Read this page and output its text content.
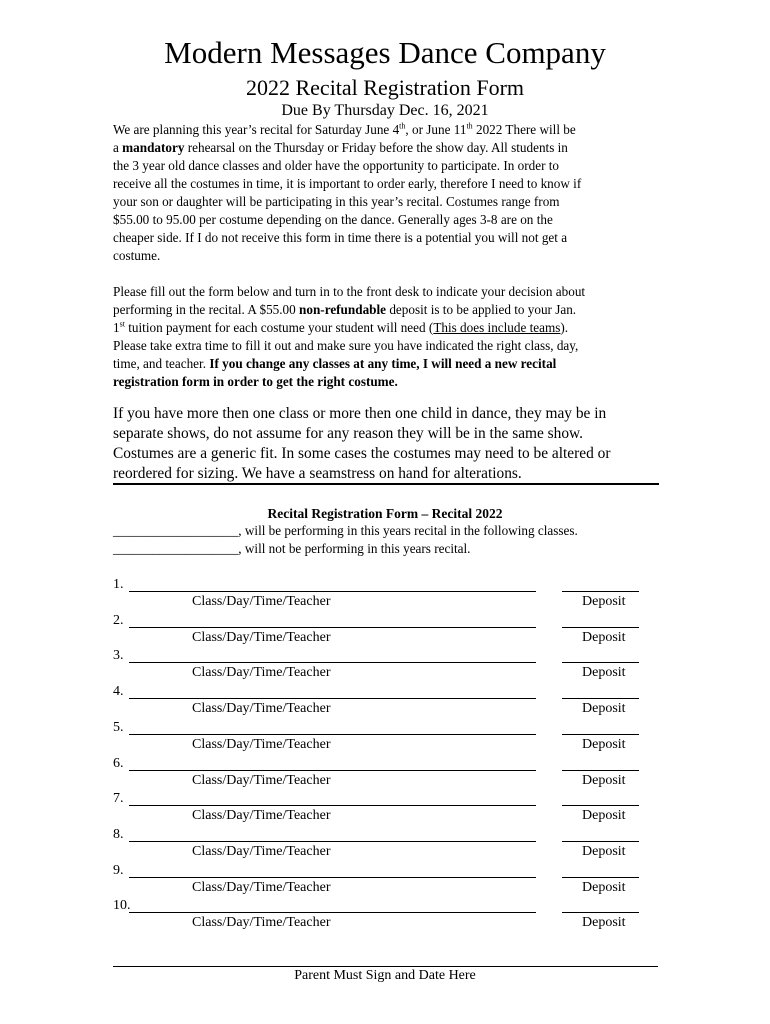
Modern Messages Dance Company
2022 Recital Registration Form
Due By Thursday Dec. 16, 2021
We are planning this year’s recital for Saturday June 4th, or June 11th 2022 There will be
a mandatory rehearsal on the Thursday or Friday before the show day. All students in
the 3 year old dance classes and older have the opportunity to participate. In order to
receive all the costumes in time, it is important to order early, therefore I need to know if
your son or daughter will be participating in this year’s recital. Costumes range from
$55.00 to 95.00 per costume depending on the dance. Generally ages 3-8 are on the
cheaper side. If I do not receive this form in time there is a potential you will not get a
costume.
Please fill out the form below and turn in to the front desk to indicate your decision about
performing in the recital. A $55.00 non-refundable deposit is to be applied to your Jan.
1st tuition payment for each costume your student will need (This does include teams).
Please take extra time to fill it out and make sure you have indicated the right class, day,
time, and teacher. If you change any classes at any time, I will need a new recital
registration form in order to get the right costume.
If you have more then one class or more then one child in dance, they may be in
separate shows, do not assume for any reason they will be in the same show.
Costumes are a generic fit. In some cases the costumes may need to be altered or
reordered for sizing. We have a seamstress on hand for alterations.
Recital Registration Form – Recital 2022
___________________, will be performing in this years recital in the following classes.
___________________, will not be performing in this years recital.
1.
Class/Day/Time/Teacher	Deposit
2.
Class/Day/Time/Teacher	Deposit
3.
Class/Day/Time/Teacher	Deposit
4.
Class/Day/Time/Teacher	Deposit
5.
Class/Day/Time/Teacher	Deposit
6.
Class/Day/Time/Teacher	Deposit
7.
Class/Day/Time/Teacher	Deposit
8.
Class/Day/Time/Teacher	Deposit
9.
Class/Day/Time/Teacher	Deposit
10.
Class/Day/Time/Teacher	Deposit
Parent Must Sign and Date Here
